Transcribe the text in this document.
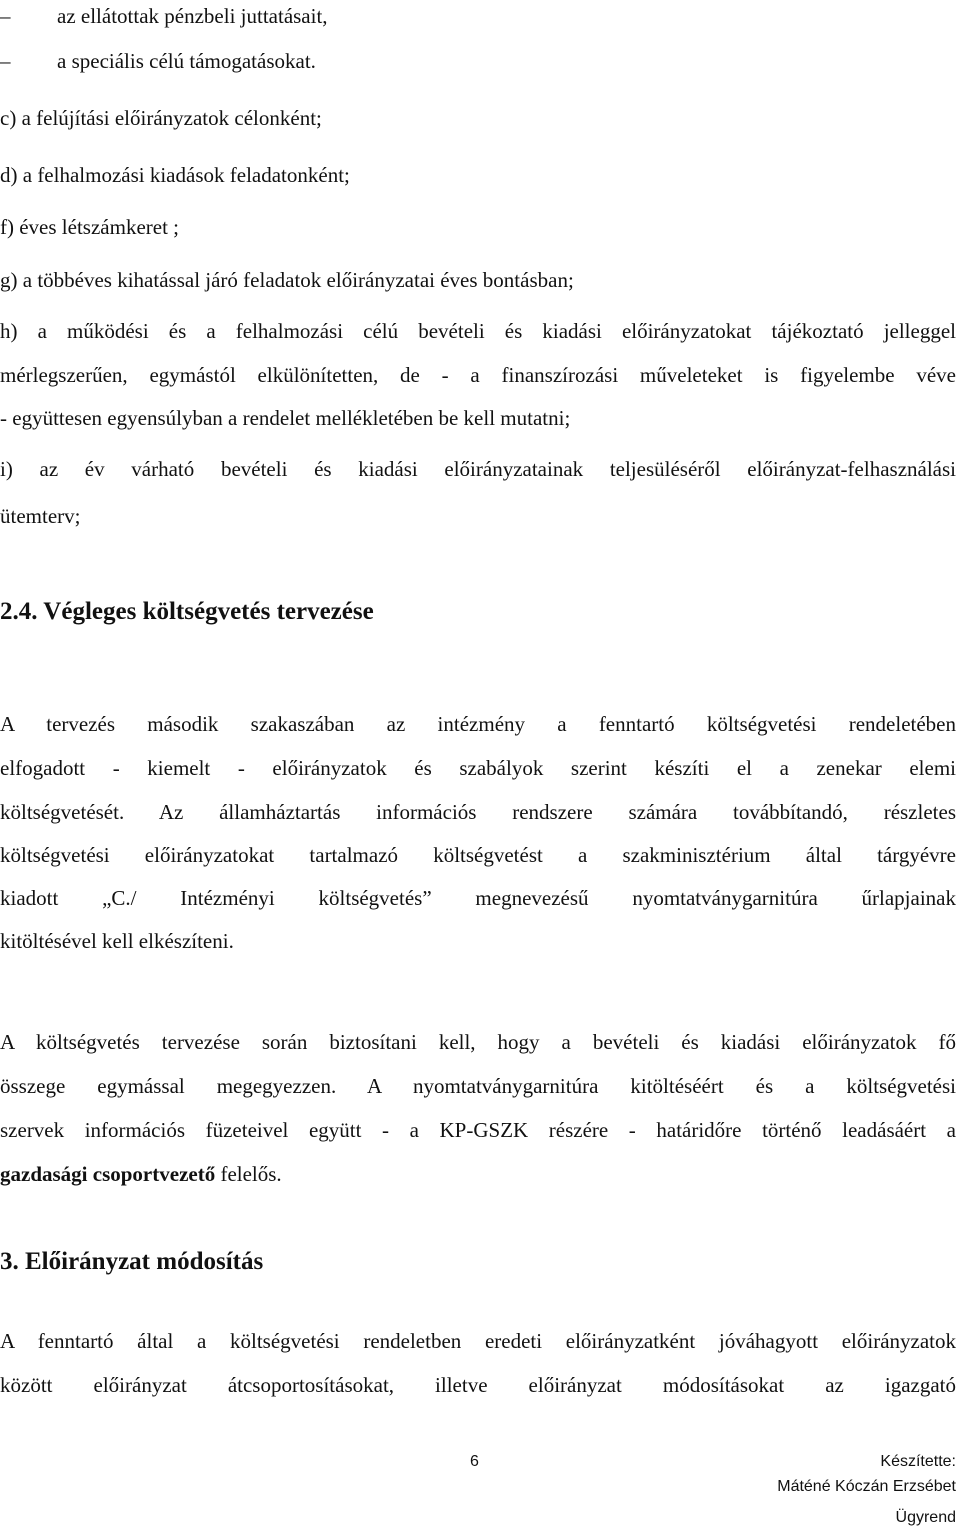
– az ellátottak pénzbeli juttatásait,
– a speciális célú támogatásokat.
c) a felújítási előirányzatok célonként;
d) a felhalmozási kiadások feladatonként;
f) éves létszámkeret ;
g) a többéves kihatással járó feladatok előirányzatai éves bontásban;
h) a működési és a felhalmozási célú bevételi és kiadási előirányzatokat tájékoztató jelleggel
mérlegszerűen, egymástól elkülönítetten, de - a finanszírozási műveleteket is figyelembe véve
- együttesen egyensúlyban a rendelet mellékletében be kell mutatni;
i) az év várható bevételi és kiadási előirányzatainak teljesüléséről előirányzat-felhasználási
ütemterv;
2.4. Végleges költségvetés tervezése
A tervezés második szakaszában az intézmény a fenntartó költségvetési rendeletében
elfogadott - kiemelt - előirányzatok és szabályok szerint készíti el a zenekar elemi
költségvetését. Az államháztartás információs rendszere számára továbbítandó, részletes
költségvetési előirányzatokat tartalmazó költségvetést a szakminisztérium által tárgyévre
kiadott „C./ Intézményi költségvetés” megnevezésű nyomtatványgarnitúra űrlapjainak
kitöltésével kell elkészíteni.
A költségvetés tervezése során biztosítani kell, hogy a bevételi és kiadási előirányzatok fő
összege egymással megegyezzen. A nyomtatványgarnitúra kitöltéséért és a költségvetési
szervek információs füzeteivel együtt - a KP-GSZK részére - határidőre történő leadásáért a
gazdasági csoportvezető felelős.
3. Előirányzat módosítás
A fenntartó által a költségvetési rendeletben eredeti előirányzatként jóváhagyott előirányzatok
között előirányzat átcsoportosításokat, illetve előirányzat módosításokat az igazgató
6	Készítette:
Máténé Kóczán Erzsébet
Ügyrend
